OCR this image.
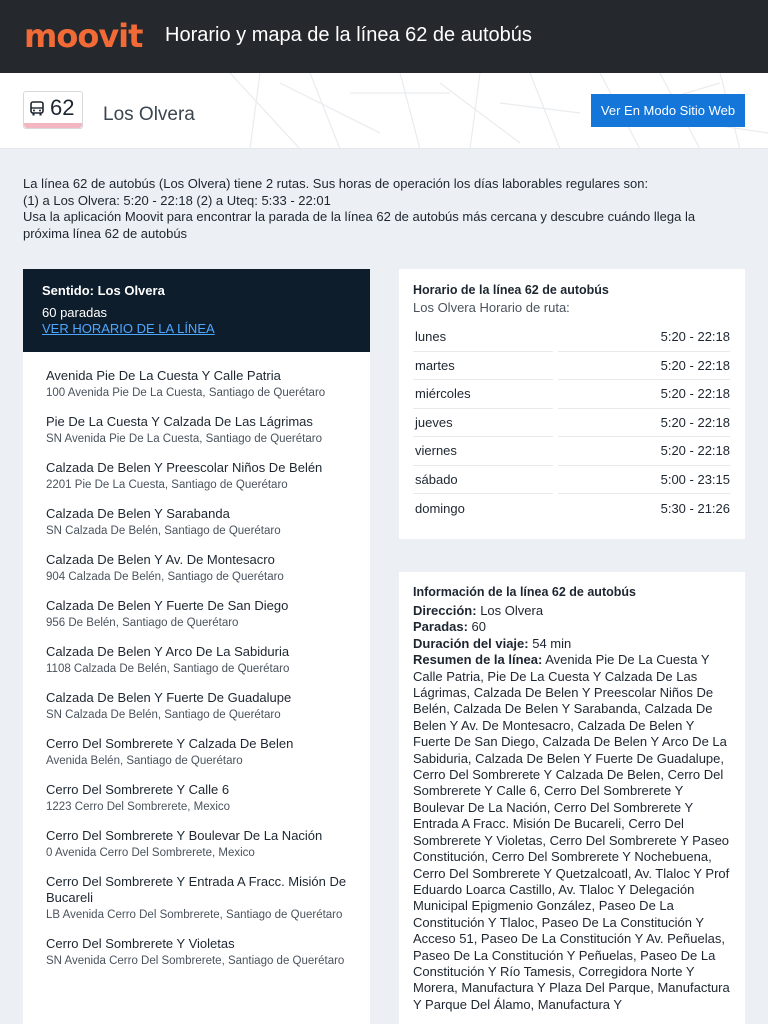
moovit Horario y mapa de la línea 62 de autobús
62 Los Olvera	Ver En Modo Sitio Web

La línea 62 de autobús (Los Olvera) tiene 2 rutas. Sus horas de operación los días laborables regulares son:

(1) a Los Olvera: 5:20 - 22:18 (2) a Uteq: 5:33 - 22:01

Usa la aplicación Moovit para encontrar la parada de la línea 62 de autobús más cercana y descubre cuándo llega la próxima línea 62 de autobús

Sentido: Los Olvera
60 paradas
VER HORARIO DE LA LÍNEA
Avenida Pie De La Cuesta Y Calle Patria
100 Avenida Pie De La Cuesta, Santiago de Querétaro
Pie De La Cuesta Y Calzada De Las Lágrimas
SN Avenida Pie De La Cuesta, Santiago de Querétaro
Calzada De Belen Y Preescolar Niños De Belén
2201 Pie De La Cuesta, Santiago de Querétaro
Calzada De Belen Y Sarabanda
SN Calzada De Belén, Santiago de Querétaro
Calzada De Belen Y Av. De Montesacro
904 Calzada De Belén, Santiago de Querétaro
Calzada De Belen Y Fuerte De San Diego
956 De Belén, Santiago de Querétaro
Calzada De Belen Y Arco De La Sabiduria
1108 Calzada De Belén, Santiago de Querétaro
Calzada De Belen Y Fuerte De Guadalupe
SN Calzada De Belén, Santiago de Querétaro
Cerro Del Sombrerete Y Calzada De Belen
Avenida Belén, Santiago de Querétaro
Cerro Del Sombrerete Y Calle 6
1223 Cerro Del Sombrerete, Mexico
Cerro Del Sombrerete Y Boulevar De La Nación
0 Avenida Cerro Del Sombrerete, Mexico
Cerro Del Sombrerete Y Entrada A Fracc. Misión De Bucareli
LB Avenida Cerro Del Sombrerete, Santiago de Querétaro
Cerro Del Sombrerete Y Violetas
SN Avenida Cerro Del Sombrerete, Santiago de Querétaro
Horario de la línea 62 de autobús
Los Olvera Horario de ruta:
lunes	5:20 - 22:18
martes	5:20 - 22:18
miércoles	5:20 - 22:18
jueves	5:20 - 22:18
viernes	5:20 - 22:18
sábado	5:00 - 23:15
domingo	5:30 - 21:26
Información de la línea 62 de autobús
Dirección: Los Olvera
Paradas: 60
Duración del viaje: 54 min
Resumen de la línea: Avenida Pie De La Cuesta Y Calle Patria, Pie De La Cuesta Y Calzada De Las Lágrimas, Calzada De Belen Y Preescolar Niños De Belén, Calzada De Belen Y Sarabanda, Calzada De Belen Y Av. De Montesacro, Calzada De Belen Y Fuerte De San Diego, Calzada De Belen Y Arco De La Sabiduria, Calzada De Belen Y Fuerte De Guadalupe, Cerro Del Sombrerete Y Calzada De Belen, Cerro Del Sombrerete Y Calle 6, Cerro Del Sombrerete Y Boulevar De La Nación, Cerro Del Sombrerete Y Entrada A Fracc. Misión De Bucareli, Cerro Del Sombrerete Y Violetas, Cerro Del Sombrerete Y Paseo Constitución, Cerro Del Sombrerete Y Nochebuena, Cerro Del Sombrerete Y Quetzalcoatl, Av. Tlaloc Y Prof Eduardo Loarca Castillo, Av. Tlaloc Y Delegación Municipal Epigmenio González, Paseo De La Constitución Y Tlaloc, Paseo De La Constitución Y Acceso 51, Paseo De La Constitución Y Av. Peñuelas, Paseo De La Constitución Y Peñuelas, Paseo De La Constitución Y Río Tamesis, Corregidora Norte Y Morera, Manufactura Y Plaza Del Parque, Manufactura Y Parque Del Álamo, Manufactura Y
